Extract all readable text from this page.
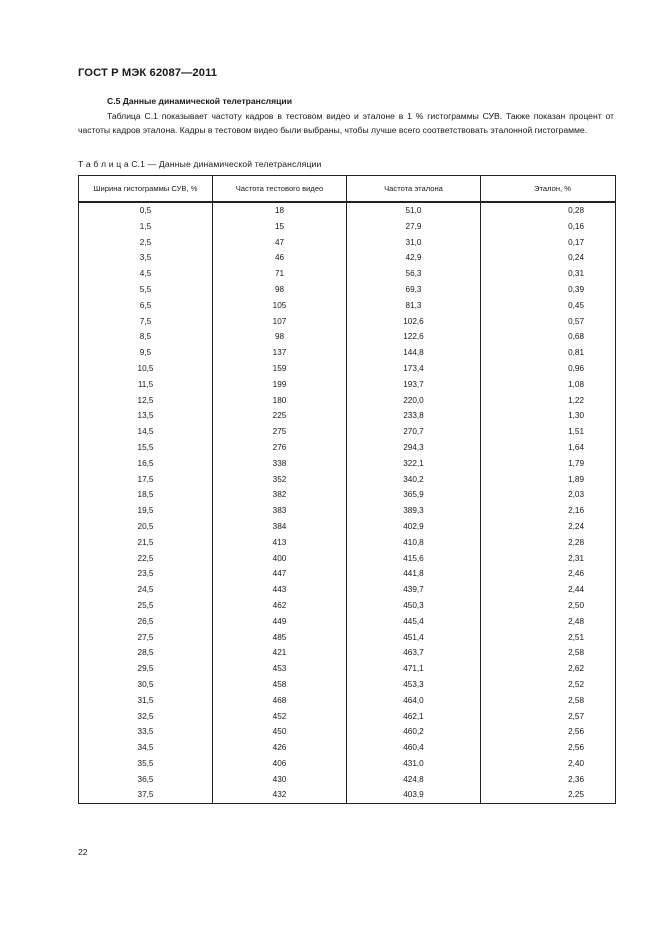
ГОСТ Р МЭК 62087—2011
C.5 Данные динамической телетрансляции
Таблица C.1 показывает частоту кадров в тестовом видео и эталоне в 1 % гистограммы СУВ. Также показан процент от частоты кадров эталона. Кадры в тестовом видео были выбраны, чтобы лучше всего соответствовать эталонной гистограмме.
Т а б л и ц а C.1 — Данные динамической телетрансляции
Ширина гистограммы СУВ, %	Частота тестового видео	Частота эталона	Эталон, %
0,5	18	51,0	0,28
1,5	15	27,9	0,16
2,5	47	31,0	0,17
3,5	46	42,9	0,24
4,5	71	56,3	0,31
5,5	98	69,3	0,39
6,5	105	81,3	0,45
7,5	107	102,6	0,57
8,5	98	122,6	0,68
9,5	137	144,8	0,81
10,5	159	173,4	0,96
11,5	199	193,7	1,08
12,5	180	220,0	1,22
13,5	225	233,8	1,30
14,5	275	270,7	1,51
15,5	276	294,3	1,64
16,5	338	322,1	1,79
17,5	352	340,2	1,89
18,5	382	365,9	2,03
19,5	383	389,3	2,16
20,5	384	402,9	2,24
21,5	413	410,8	2,28
22,5	400	415,6	2,31
23,5	447	441,8	2,46
24,5	443	439,7	2,44
25,5	462	450,3	2,50
26,5	449	445,4	2,48
27,5	485	451,4	2,51
28,5	421	463,7	2,58
29,5	453	471,1	2,62
30,5	458	453,3	2,52
31,5	468	464,0	2,58
32,5	452	462,1	2,57
33,5	450	460,2	2,56
34,5	426	460,4	2,56
35,5	406	431,0	2,40
36,5	430	424,8	2,36
37,5	432	403,9	2,25
22
